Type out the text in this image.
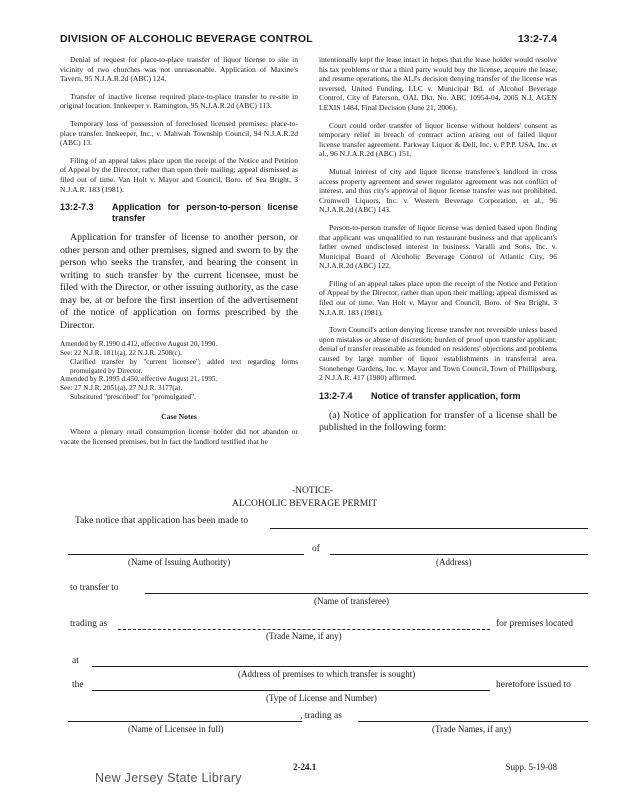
DIVISION OF ALCOHOLIC BEVERAGE CONTROL	13:2-7.4

Denial of request for place-to-place transfer of liquor license to site in vicinity of two churches was not unreasonable. Application of Maxine's Tavern, 95 N.J.A.R.2d (ABC) 124.

Transfer of inactive license required place-to-place transfer to re-site in original location. Innkeeper v. Ramington, 95 N.J.A.R.2d (ABC) 113.

Temporary loss of possession of foreclosed licensed premises; place-to-place transfer. Innkeeper, Inc., v. Mahwah Township Council, 94 N.J.A.R.2d (ABC) 13.

Filing of an appeal takes place upon the receipt of the Notice and Petition of Appeal by the Director, rather than upon their mailing; appeal dismissed as filed out of time. Van Holt v. Mayor and Council, Boro. of Sea Bright, 3 N.J.A.R. 183 (1981).

13:2-7.3	Application for person-to-person license transfer

Application for transfer of license to another person, or other person and other premises, signed and sworn to by the person who seeks the transfer, and bearing the consent in writing to such transfer by the current licensee, must be filed with the Director, or other issuing authority, as the case may be, at or before the first insertion of the advertisement of the notice of application on forms prescribed by the Director.

Amended by R.1990 d.412, effective August 20, 1990.
See: 22 N.J.R. 1811(a), 22 N.J.R. 2508(c).
Clarified transfer by "current licensee"; added text regarding forms promulgated by Director.
Amended by R.1995 d.450, effective August 21, 1995.
See: 27 N.J.R. 2051(a), 27 N.J.R. 3177(a).
Substituted "prescribed" for "promulgated".
Case Notes

Where a plenary retail consumption license holder did not abandon or vacate the licensed premises, but in fact the landlord testified that he

intentionally kept the lease intact in hopes that the lease holder would resolve his tax problems or that a third party would buy the license, acquire the lease, and resume operations, the ALJ's decision denying transfer of the license was reversed. United Funding, LLC v. Municipal Bd. of Alcohol Beverage Control, City of Paterson, OAL Dkt. No. ABC 10954-04, 2005 N.J. AGEN LEXIS 1484, Final Decision (June 21, 2006).

Court could order transfer of liquor license without holders' consent as temporary relief in breach of contract action arising out of failed liquor license transfer agreement. Parkway Liquor & Deli, Inc. v. P.P.P. USA, Inc. et al., 96 N.J.A.R.2d (ABC) 151.

Mutual interest of city and liquor license transferee's landlord in cross access property agreement and sewer regulator agreement was not conflict of interest, and thus city's approval of liquor license transfer was not prohibited. Cromwell Liquors, Inc. v. Western Beverage Corporation, et al., 96 N.J.A.R.2d (ABC) 143.

Person-to-person transfer of liquor license was denied based upon finding that applicant was unqualified to run restaurant business and that applicant's father owned undisclosed interest in business. Varalli and Sons, Inc. v. Municipal Board of Alcoholic Beverage Control of Atlantic City, 96 N.J.A.R.2d (ABC) 122.

Filing of an appeal takes place upon the receipt of the Notice and Petition of Appeal by the Director, rather than upon their mailing; appeal dismissed as filed out of time. Van Holt v. Mayor and Council, Boro. of Sea Bright, 3 N.J.A.R. 183 (1981).

Town Council's action denying license transfer not reversible unless based upon mistakes or abuse of discretion; burden of proof upon transfer applicant; denial of transfer reasonable as founded on residents' objections and problems caused by large number of liquor establishments in transferral area. Stonehenge Gardens, Inc. v. Mayor and Town Council, Town of Phillipsburg, 2 N.J.A.R. 417 (1980) affirmed.

13:2-7.4	Notice of transfer application, form

(a) Notice of application for transfer of a license shall be published in the following form:

-NOTICE-
ALCOHOLIC BEVERAGE PERMIT
Take notice that application has been made to
of
(Name of Issuing Authority)	(Address)
to transfer to
(Name of transferee)
trading as	for premises located
(Trade Name, if any)
at
(Address of premises to which transfer is sought)
the	heretofore issued to
(Type of License and Number)
, trading as
(Name of Licensee in full)	(Trade Names, if any)
2-24.1	Supp. 5-19-08
New Jersey State Library
